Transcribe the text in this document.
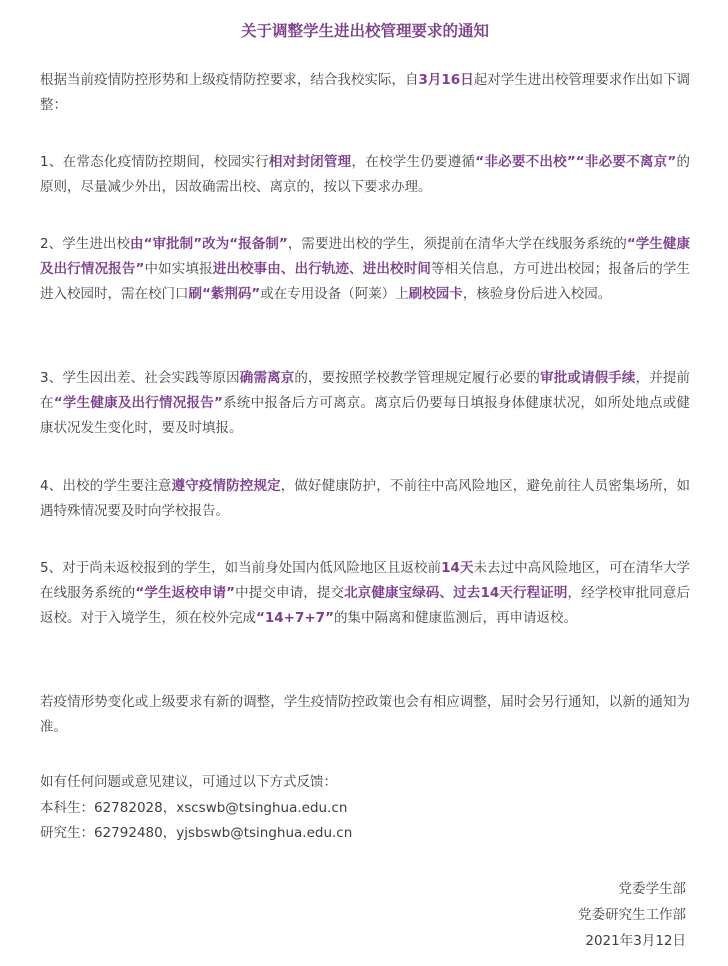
关于调整学生进出校管理要求的通知

根据当前疫情防控形势和上级疫情防控要求，结合我校实际，自3月16日起对学生进出校管理要求作出如下调整：

1、在常态化疫情防控期间，校园实行相对封闭管理，在校学生仍要遵循“非必要不出校”“非必要不离京”的原则，尽量减少外出，因故确需出校、离京的，按以下要求办理。

2、学生进出校由“审批制”改为“报备制”，需要进出校的学生，须提前在清华大学在线服务系统的“学生健康及出行情况报告”中如实填报进出校事由、出行轨迹、进出校时间等相关信息，方可进出校园；报备后的学生进入校园时，需在校门口刷“紫荆码”或在专用设备（阿莱）上刷校园卡，核验身份后进入校园。

3、学生因出差、社会实践等原因确需离京的，要按照学校教学管理规定履行必要的审批或请假手续，并提前在“学生健康及出行情况报告”系统中报备后方可离京。离京后仍要每日填报身体健康状况，如所处地点或健康状况发生变化时，要及时填报。

4、出校的学生要注意遵守疫情防控规定，做好健康防护，不前往中高风险地区，避免前往人员密集场所，如遇特殊情况要及时向学校报告。

5、对于尚未返校报到的学生，如当前身处国内低风险地区且返校前14天未去过中高风险地区，可在清华大学在线服务系统的“学生返校申请”中提交申请，提交北京健康宝绿码、过去14天行程证明，经学校审批同意后返校。对于入境学生，须在校外完成“14+7+7”的集中隔离和健康监测后，再申请返校。

若疫情形势变化或上级要求有新的调整，学生疫情防控政策也会有相应调整，届时会另行通知，以新的通知为准。

如有任何问题或意见建议，可通过以下方式反馈：

本科生：62782028，xscswb@tsinghua.edu.cn

研究生：62792480，yjsbswb@tsinghua.edu.cn

党委学生部
党委研究生工作部
2021年3月12日
